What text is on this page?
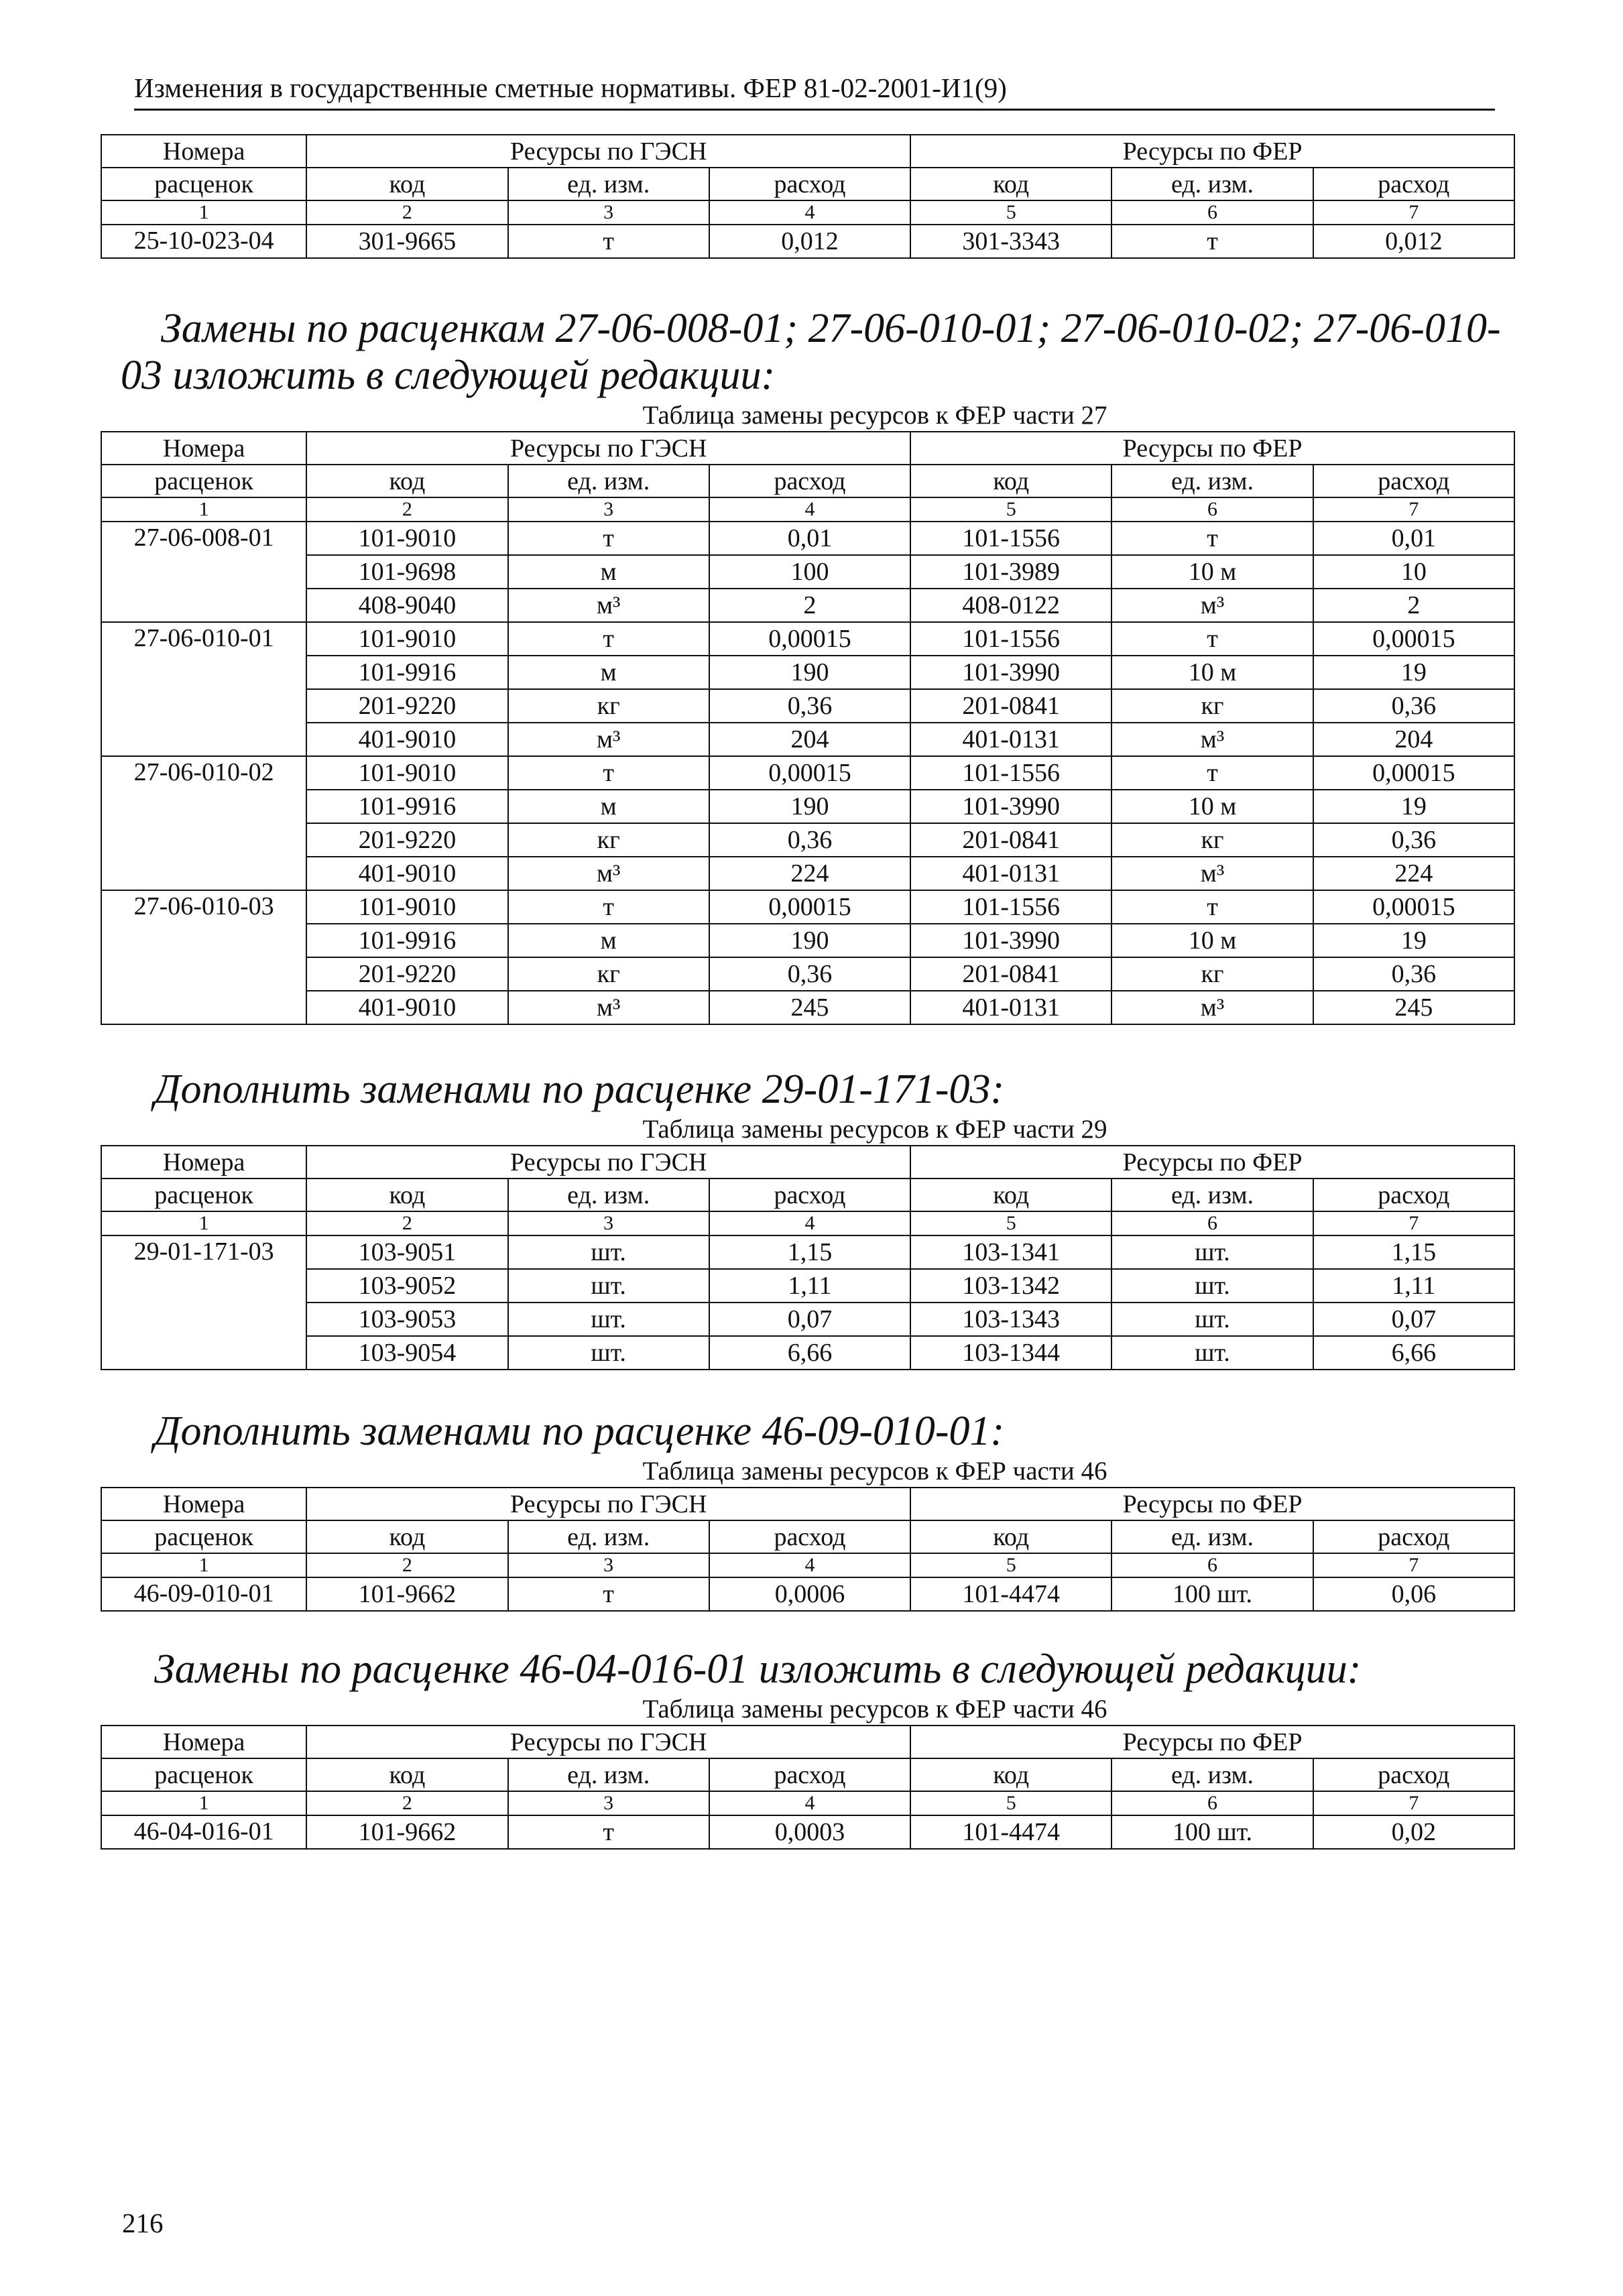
Изменения в государственные сметные нормативы. ФЕР 81-02-2001-И1(9)
Номера	Ресурсы по ГЭСН			Ресурсы по ФЕР		
расценок	код	ед. изм.	расход	код	ед. изм.	расход
1	2	3	4	5	6	7
25-10-023-04	301-9665	т	0,012	301-3343	т	0,012
Замены по расценкам 27-06-008-01; 27-06-010-01; 27-06-010-02; 27-06-010-03 изложить в следующей редакции:
Таблица замены ресурсов к ФЕР части 27
Номера	Ресурсы по ГЭСН			Ресурсы по ФЕР		
расценок	код	ед. изм.	расход	код	ед. изм.	расход
1	2	3	4	5	6	7
27-06-008-01	101-9010	т	0,01	101-1556	т	0,01
	101-9698	м	100	101-3989	10 м	10
	408-9040	м³	2	408-0122	м³	2
27-06-010-01	101-9010	т	0,00015	101-1556	т	0,00015
	101-9916	м	190	101-3990	10 м	19
	201-9220	кг	0,36	201-0841	кг	0,36
	401-9010	м³	204	401-0131	м³	204
27-06-010-02	101-9010	т	0,00015	101-1556	т	0,00015
	101-9916	м	190	101-3990	10 м	19
	201-9220	кг	0,36	201-0841	кг	0,36
	401-9010	м³	224	401-0131	м³	224
27-06-010-03	101-9010	т	0,00015	101-1556	т	0,00015
	101-9916	м	190	101-3990	10 м	19
	201-9220	кг	0,36	201-0841	кг	0,36
	401-9010	м³	245	401-0131	м³	245
Дополнить заменами по расценке 29-01-171-03:
Таблица замены ресурсов к ФЕР части 29
Номера	Ресурсы по ГЭСН			Ресурсы по ФЕР		
расценок	код	ед. изм.	расход	код	ед. изм.	расход
1	2	3	4	5	6	7
29-01-171-03	103-9051	шт.	1,15	103-1341	шт.	1,15
	103-9052	шт.	1,11	103-1342	шт.	1,11
	103-9053	шт.	0,07	103-1343	шт.	0,07
	103-9054	шт.	6,66	103-1344	шт.	6,66
Дополнить заменами по расценке 46-09-010-01:
Таблица замены ресурсов к ФЕР части 46
Номера	Ресурсы по ГЭСН			Ресурсы по ФЕР		
расценок	код	ед. изм.	расход	код	ед. изм.	расход
1	2	3	4	5	6	7
46-09-010-01	101-9662	т	0,0006	101-4474	100 шт.	0,06
Замены по расценке 46-04-016-01 изложить в следующей редакции:
Таблица замены ресурсов к ФЕР части 46
Номера	Ресурсы по ГЭСН			Ресурсы по ФЕР		
расценок	код	ед. изм.	расход	код	ед. изм.	расход
1	2	3	4	5	6	7
46-04-016-01	101-9662	т	0,0003	101-4474	100 шт.	0,02
216
